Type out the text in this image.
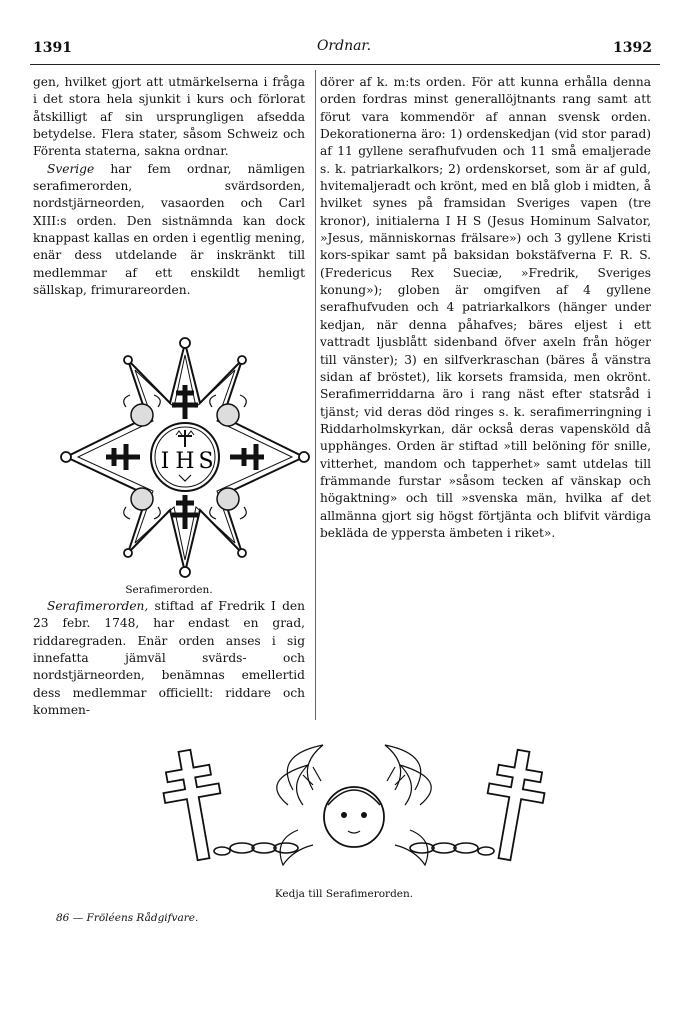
1391	Ordnar.	1392

gen, hvilket gjort att utmärkelserna i fråga i det stora hela sjunkit i kurs och förlorat åtskilligt af sin ursprungligen afsedda betydelse. Flera stater, såsom Schweiz och Förenta staterna, sakna ordnar.

Sverige har fem ordnar, nämligen serafimerorden, svärdsorden, nordstjärneorden, vasaorden och Carl XIII:s orden. Den sistnämnda kan dock knappast kallas en orden i egentlig mening, enär dess utdelande är inskränkt till medlemmar af ett enskildt hemligt sällskap, frimurareorden.

I H S
Serafimerorden.

Serafimerorden, stiftad af Fredrik I den 23 febr. 1748, har endast en grad, riddaregraden. Enär orden anses i sig innefatta jämväl svärds- och nordstjärneorden, benämnas emellertid dess medlemmar officiellt: riddare och kommen-

dörer af k. m:ts orden. För att kunna erhålla denna orden fordras minst generallöjtnants rang samt att förut vara kommendör af annan svensk orden. Dekorationerna äro: 1) ordenskedjan (vid stor parad) af 11 gyllene serafhufvuden och 11 små emaljerade s. k. patriarkalkors; 2) ordenskorset, som är af guld, hvitemaljeradt och krönt, med en blå glob i midten, å hvilket synes på framsidan Sveriges vapen (tre kronor), initialerna I H S (Jesus Hominum Salvator, »Jesus, människornas frälsare») och 3 gyllene Kristi kors-spikar samt på baksidan bokstäfverna F. R. S. (Fredericus Rex Sueciæ, »Fredrik, Sveriges konung»); globen är omgifven af 4 gyllene serafhufvuden och 4 patriarkalkors (hänger under kedjan, när denna påhafves; bäres eljest i ett vattradt ljusblått sidenband öfver axeln från höger till vänster); 3) en silfverkraschan (bäres å vänstra sidan af bröstet), lik korsets framsida, men okrönt. Serafimerriddarna äro i rang näst efter statsråd i tjänst; vid deras död ringes s. k. serafimerringning i Riddarholmskyrkan, där också deras vapensköld då upphänges. Orden är stiftad »till belöning för snille, vitterhet, mandom och tapperhet» samt utdelas till främmande furstar »såsom tecken af vänskap och högaktning» och till »svenska män, hvilka af det allmänna gjort sig högst förtjänta och blifvit värdiga bekläda de yppersta ämbeten i riket».

Kedja till Serafimerorden.
86 — Fröléens Rådgifvare.
